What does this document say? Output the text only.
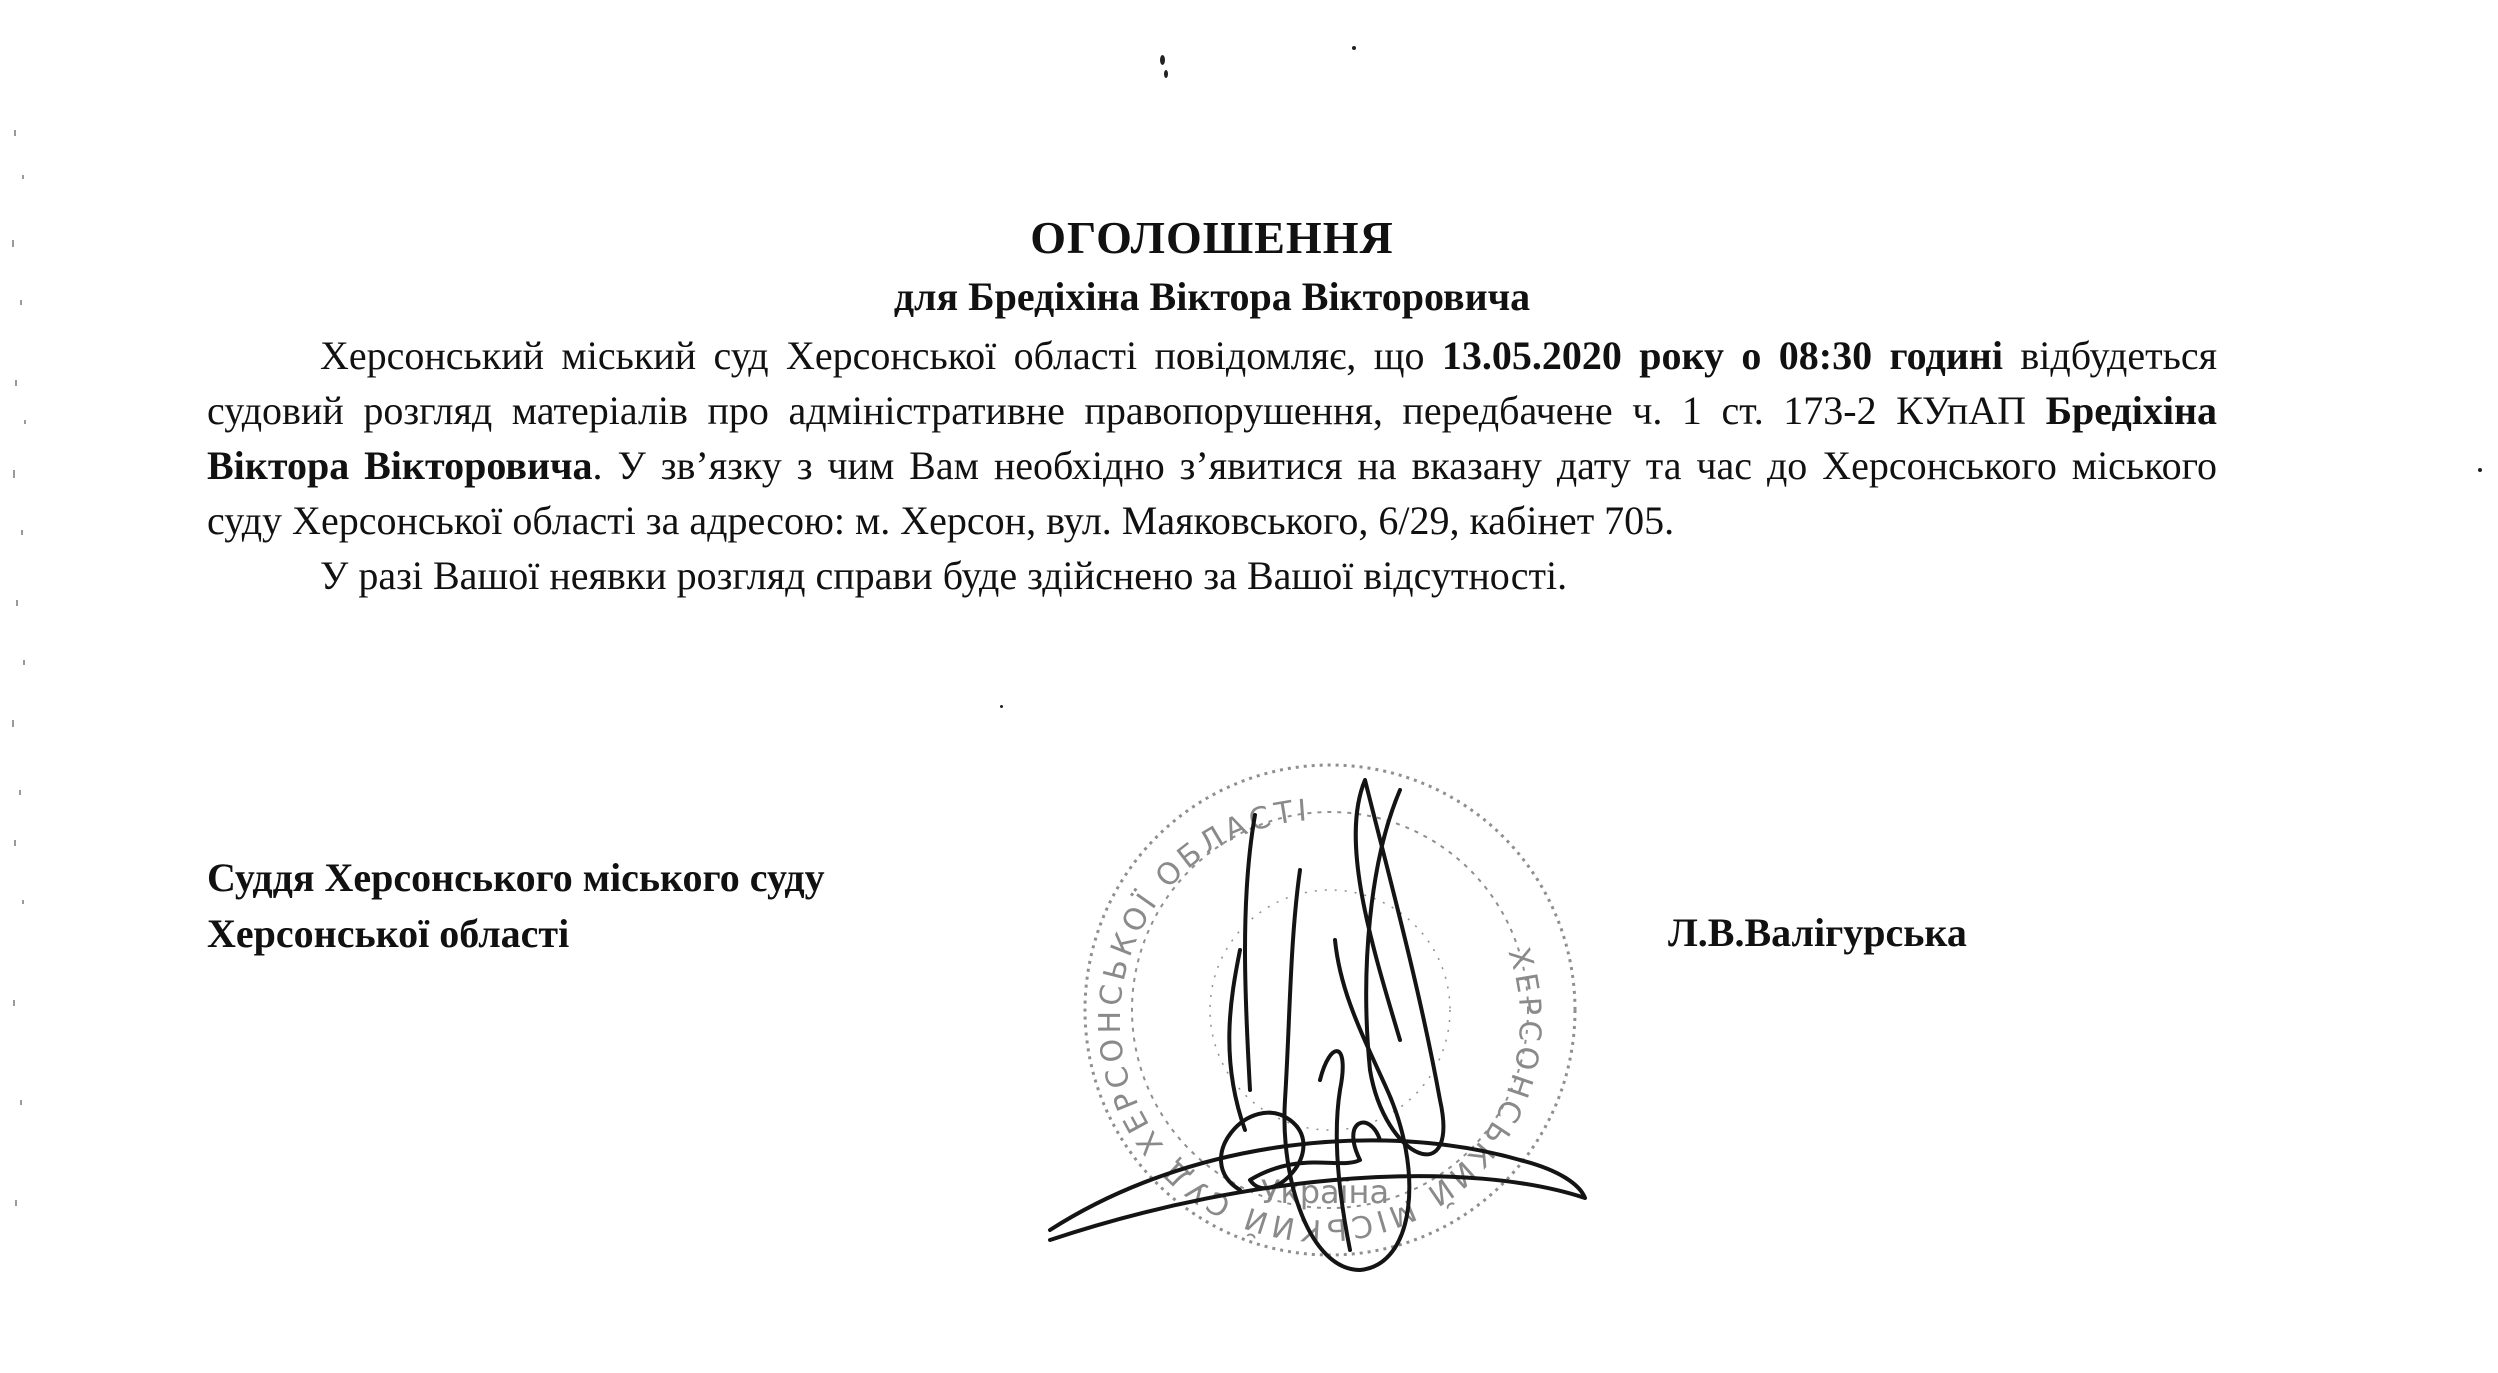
ОГОЛОШЕННЯ
для Бредіхіна Віктора Вікторовича

Херсонський міський суд Херсонської області повідомляє, що 13.05.2020 року о 08:30 годині відбудеться судовий розгляд матеріалів про адміністративне правопорушення, передбачене ч. 1 ст. 173-2 КУпАП Бредіхіна Віктора Вікторовича. У зв’язку з чим Вам необхідно з’явитися на вказану дату та час до Херсонського міського суду Херсонської області за адресою: м. Херсон, вул. Маяковського, 6/29, кабінет 705.

У разі Вашої неявки розгляд справи буде здійснено за Вашої відсутності.

Суддя Херсонського міського суду
Херсонської області	Л.В.Валігурська
ХЕРСОНСЬКИЙ МІСЬКИЙ СУД ХЕРСОНСЬКОЇ ОБЛАСТІ
Україна
